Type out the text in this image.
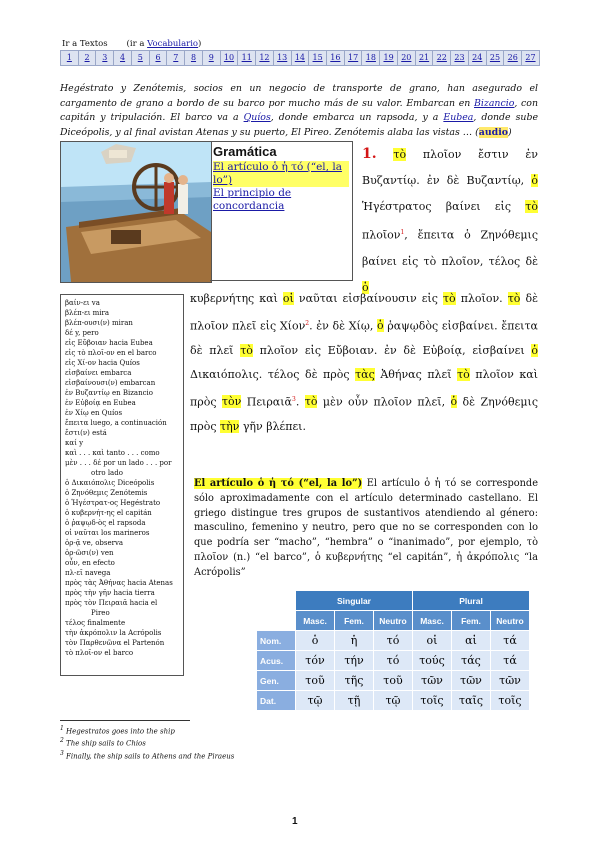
Ir a Textos (ir a Vocabulario)
1	2	3	4	5	6	7	8	9	10 11 12 13 14 15 16 17 18 19 20 21 22 23 24 25 26 27
Hegéstrato y Zenótemis, socios en un negocio de transporte de grano, han asegurado el cargamento de grano a bordo de su barco por mucho más de su valor. Embarcan en Bizancio, con capitán y tripulación. El barco va a Quíos, donde embarca un rapsoda, y a Eubea, donde sube Diceópolis, y al final avistan Atenas y su puerto, El Pireo. Zenótemis alaba las vistas … (audio)
Gramática
El artículo ὁ ἡ τό (“el, la lo”)
El principio de concordancia
1. τὸ πλοῖον ἔστιν ἐν Βυζαντίῳ. ἐν δὲ Βυζαντίῳ, ὁ Ἡγέστρατος βαίνει εἰς τὸ πλοῖον$^1$, ἔπειτα ὁ Ζηνόθεμις βαίνει εἰς τὸ πλοῖον, τέλος δὲ ὁ
κυβερνήτης καὶ οἱ ναῦται εἰσβαίνουσιν εἰς τὸ πλοῖον. τὸ δὲ πλοῖον πλεῖ εἰς Χίον$^2$. ἐν δὲ Χίῳ, ὁ ῥαψῳδὸς εἰσβαίνει. ἔπειτα δὲ πλεῖ τὸ πλοῖον εἰς Εὔβοιαν. ἐν δὲ Εὐβοίᾳ, εἰσβαίνει ὁ Δικαιόπολις. τέλος δὲ πρὸς τὰς Ἀθήνας πλεῖ τὸ πλοῖον καὶ πρὸς τὸν Πειραιᾶ$^3$. τὸ μὲν οὖν πλοῖον πλεῖ, ὁ δὲ Ζηνόθεμις πρὸς τὴν γῆν βλέπει.
βαίν-ει va
βλέπ-ει mira
βλέπ-ουσι(ν) miran
δέ y, pero
εἰς Εὔβοιαν hacia Eubea
εἰς τὸ πλοῖ-ον en el barco
εἰς Χί-ον hacia Quíos
εἰσβαίνει embarca
εἰσβαίνουσι(ν) embarcan
ἐν Βυζαντίῳ en Bizancio
ἐν Εὐβοίᾳ en Eubea
ἐν Χίῳ en Quíos
ἔπειτα luego, a continuación
ἔστι(ν) está
καί y
καὶ . . . καὶ tanto . . . como
μὲν . . . δέ por un lado . . . por
otro lado
ὁ Δικαιόπολις Diceópolis
ὁ Ζηνόθεμις Zenótemis
ὁ Ἡγέστρατ-ος Hegéstrato
ὁ κυβερνήτ-ης el capitán
ὁ ῥαψῳδ-ὸς el rapsoda
οἱ ναῦται los marineros
ὁρ-ᾷ ve, observa
ὁρ-ῶσι(ν) ven
οὖν, en efecto
πλ-εῖ navega
πρὸς τὰς Ἀθήνας hacia Atenas
πρὸς τὴν γῆν hacia tierra
πρὸς τὸν Πειραιᾶ hacia el
Pireo
τέλος finalmente
τὴν ἀκρόπολιν la Acrópolis
τὸν Παρθενῶνα el Partenón
τὸ πλοῖ-ον el barco
El artículo ὁ ἡ τό (“el, la lo”) El artículo ὁ ἡ τό se corresponde sólo aproximadamente con el artículo determinado castellano. El griego distingue tres grupos de sustantivos atendiendo al género: masculino, femenino y neutro, pero que no se corresponden con lo que podría ser “macho”, “hembra” o “inanimado”, por ejemplo, τὸ πλοῖον (n.) “el barco”, ὁ κυβερνήτης “el capitán”, ἡ ἀκρόπολις “la Acrópolis”
	Singular			Plural		
	Masc.	Fem.	Neutro	Masc.	Fem.	Neutro
Nom.	ὁ	ἡ	τό	οἱ	αἱ	τά
Acus.	τόν	τήν	τό	τούς	τάς	τά
Gen.	τοῦ	τῆς	τοῦ	τῶν	τῶν	τῶν
Dat.	τῷ	τῇ	τῷ	τοῖς	ταῖς	τοῖς
$^1$ Hegestratos goes into the ship
$^2$ The ship sails to Chios
$^3$ Finally, the ship sails to Athens and the Piraeus
1
